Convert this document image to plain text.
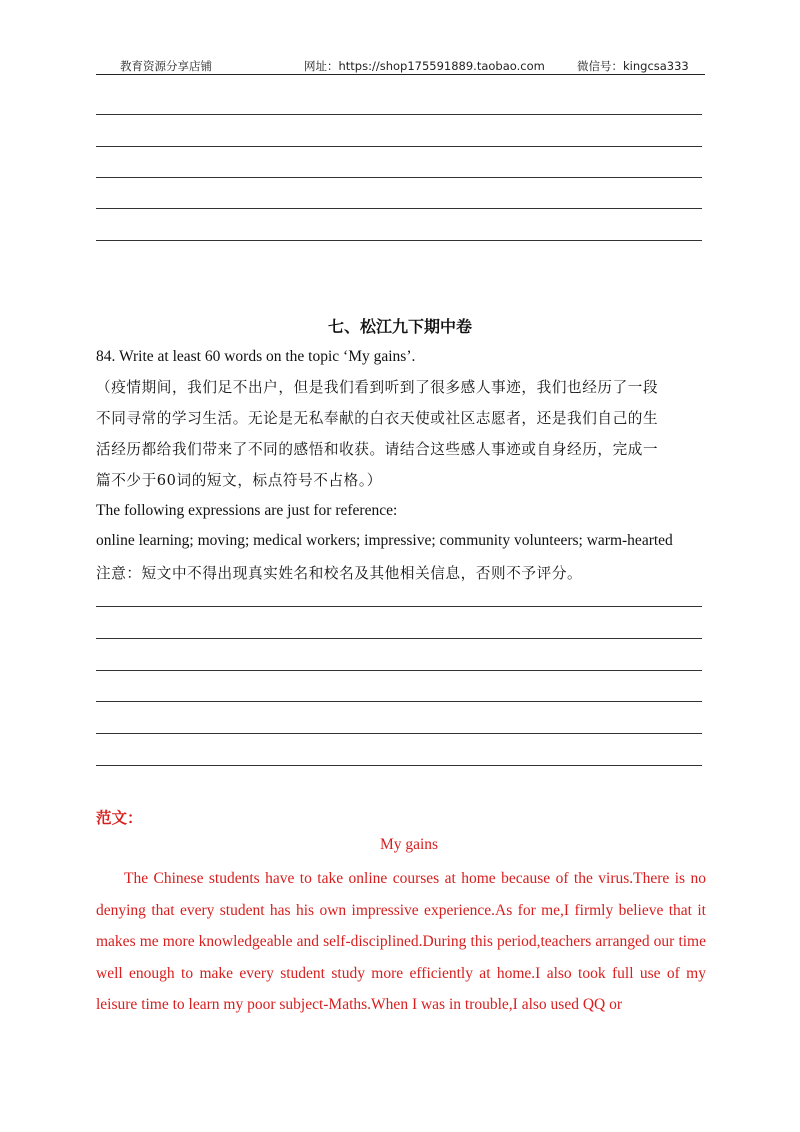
教育资源分享店铺	网址：https://shop175591889.taobao.com	微信号：kingcsa333
七、松江九下期中卷
84. Write at least 60 words on the topic ‘My gains’.
（疫情期间，我们足不出户，但是我们看到听到了很多感人事迹，我们也经历了一段
不同寻常的学习生活。无论是无私奉献的白衣天使或社区志愿者，还是我们自己的生
活经历都给我们带来了不同的感悟和收获。请结合这些感人事迹或自身经历，完成一
篇不少于60词的短文，标点符号不占格。）
The following expressions are just for reference:
online learning; moving; medical workers; impressive; community volunteers; warm-hearted
注意：短文中不得出现真实姓名和校名及其他相关信息，否则不予评分。
范文：
My gains
The Chinese students have to take online courses at home because of the virus.There is no denying that every student has his own impressive experience.As for me,I firmly believe that it makes me more knowledgeable and self-disciplined.During this period,teachers arranged our time well enough to make every student study more efficiently at home.I also took full use of my leisure time to learn my poor subject-Maths.When I was in trouble,I also used QQ or
